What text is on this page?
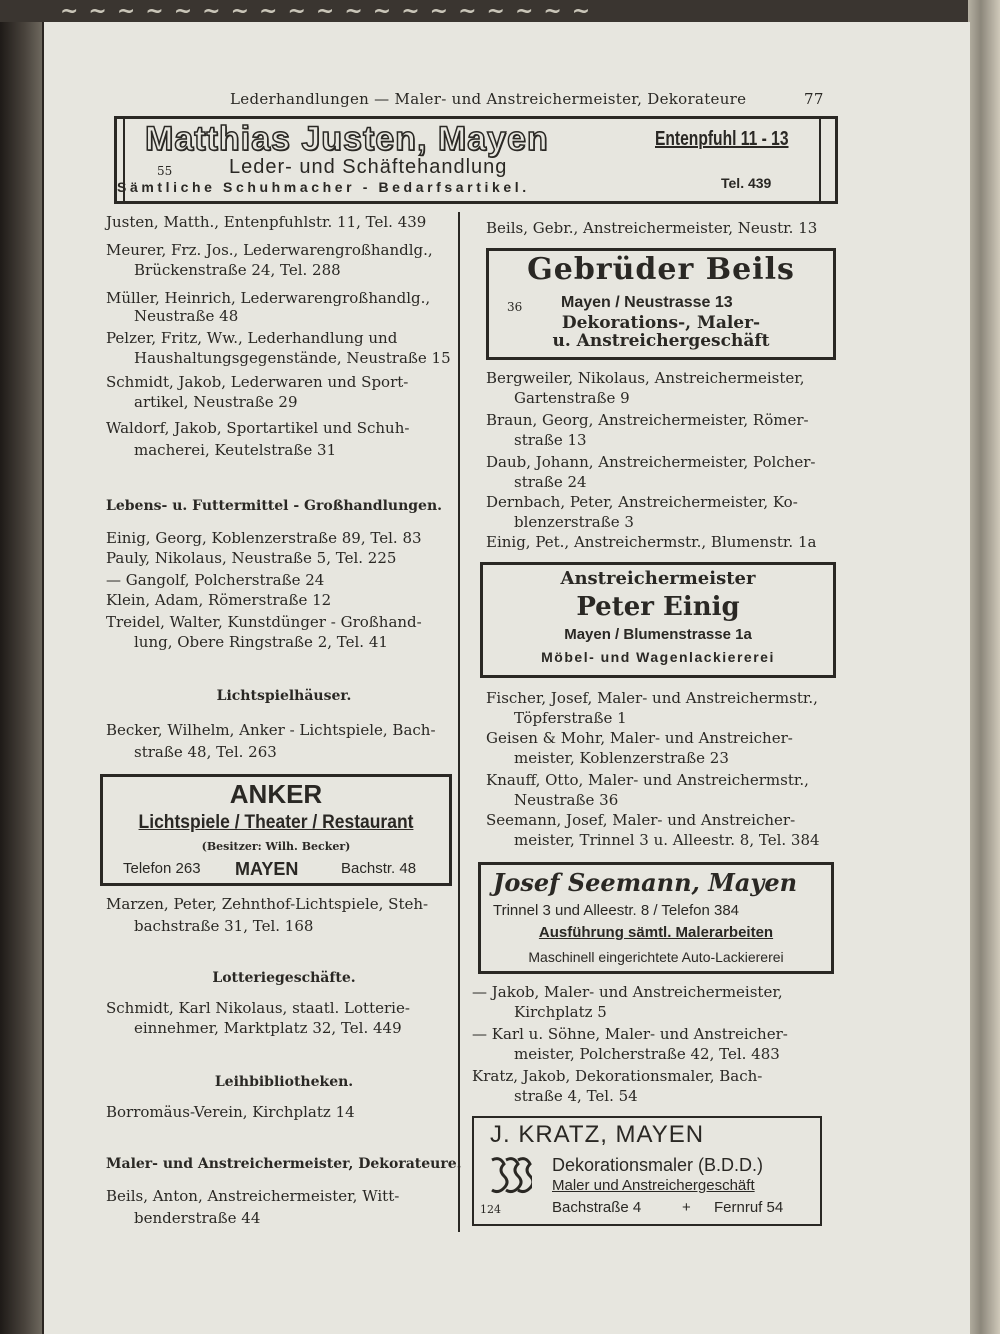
~~~~~~~~~~~~~~~~~~~
Lederhandlungen — Maler- und Anstreichermeister, Dekorateure	77
Matthias Justen, Mayen	Entenpfuhl 11 - 13
55	Leder- und Schäftehandlung
Sämtliche Schuhmacher - Bedarfsartikel.	Tel. 439
Justen, Matth., Entenpfuhlstr. 11, Tel. 439
Meurer, Frz. Jos., Lederwarengroßhandlg.,
Brückenstraße 24, Tel. 288
Müller, Heinrich, Lederwarengroßhandlg.,
Neustraße 48
Pelzer, Fritz, Ww., Lederhandlung und
Haushaltungsgegenstände, Neustraße 15
Schmidt, Jakob, Lederwaren und Sport-
artikel, Neustraße 29
Waldorf, Jakob, Sportartikel und Schuh-
macherei, Keutelstraße 31
Lebens- u. Futtermittel - Großhandlungen.
Einig, Georg, Koblenzerstraße 89, Tel. 83
Pauly, Nikolaus, Neustraße 5, Tel. 225
— Gangolf, Polcherstraße 24
Klein, Adam, Römerstraße 12
Treidel, Walter, Kunstdünger - Großhand-
lung, Obere Ringstraße 2, Tel. 41
Lichtspielhäuser.
Becker, Wilhelm, Anker - Lichtspiele, Bach-
straße 48, Tel. 263
ANKER
Lichtspiele / Theater / Restaurant
(Besitzer: Wilh. Becker)
Telefon 263 MAYEN	Bachstr. 48
Marzen, Peter, Zehnthof-Lichtspiele, Steh-
bachstraße 31, Tel. 168
Lotteriegeschäfte.
Schmidt, Karl Nikolaus, staatl. Lotterie-
einnehmer, Marktplatz 32, Tel. 449
Leihbibliotheken.
Borromäus-Verein, Kirchplatz 14
Maler- und Anstreichermeister, Dekorateure.
Beils, Anton, Anstreichermeister, Witt-
benderstraße 44
Beils, Gebr., Anstreichermeister, Neustr. 13
Gebrüder Beils
36 Mayen / Neustrasse 13
Dekorations-, Maler-
u. Anstreichergeschäft
Bergweiler, Nikolaus, Anstreichermeister,
Gartenstraße 9
Braun, Georg, Anstreichermeister, Römer-
straße 13
Daub, Johann, Anstreichermeister, Polcher-
straße 24
Dernbach, Peter, Anstreichermeister, Ko-
blenzerstraße 3
Einig, Pet., Anstreichermstr., Blumenstr. 1a
Anstreichermeister
Peter Einig
Mayen / Blumenstrasse 1a
Möbel- und Wagenlackiererei
Fischer, Josef, Maler- und Anstreichermstr.,
Töpferstraße 1
Geisen & Mohr, Maler- und Anstreicher-
meister, Koblenzerstraße 23
Knauff, Otto, Maler- und Anstreichermstr.,
Neustraße 36
Seemann, Josef, Maler- und Anstreicher-
meister, Trinnel 3 u. Alleestr. 8, Tel. 384
Josef Seemann, Mayen
Trinnel 3 und Alleestr. 8 / Telefon 384
Ausführung sämtl. Malerarbeiten
Maschinell eingerichtete Auto-Lackiererei
— Jakob, Maler- und Anstreichermeister,
Kirchplatz 5
— Karl u. Söhne, Maler- und Anstreicher-
meister, Polcherstraße 42, Tel. 483
Kratz, Jakob, Dekorationsmaler, Bach-
straße 4, Tel. 54
J. KRATZ, MAYEN
Dekorationsmaler (B.D.D.)
Maler und Anstreichergeschäft
124	Bachstraße 4	+ Fernruf 54
